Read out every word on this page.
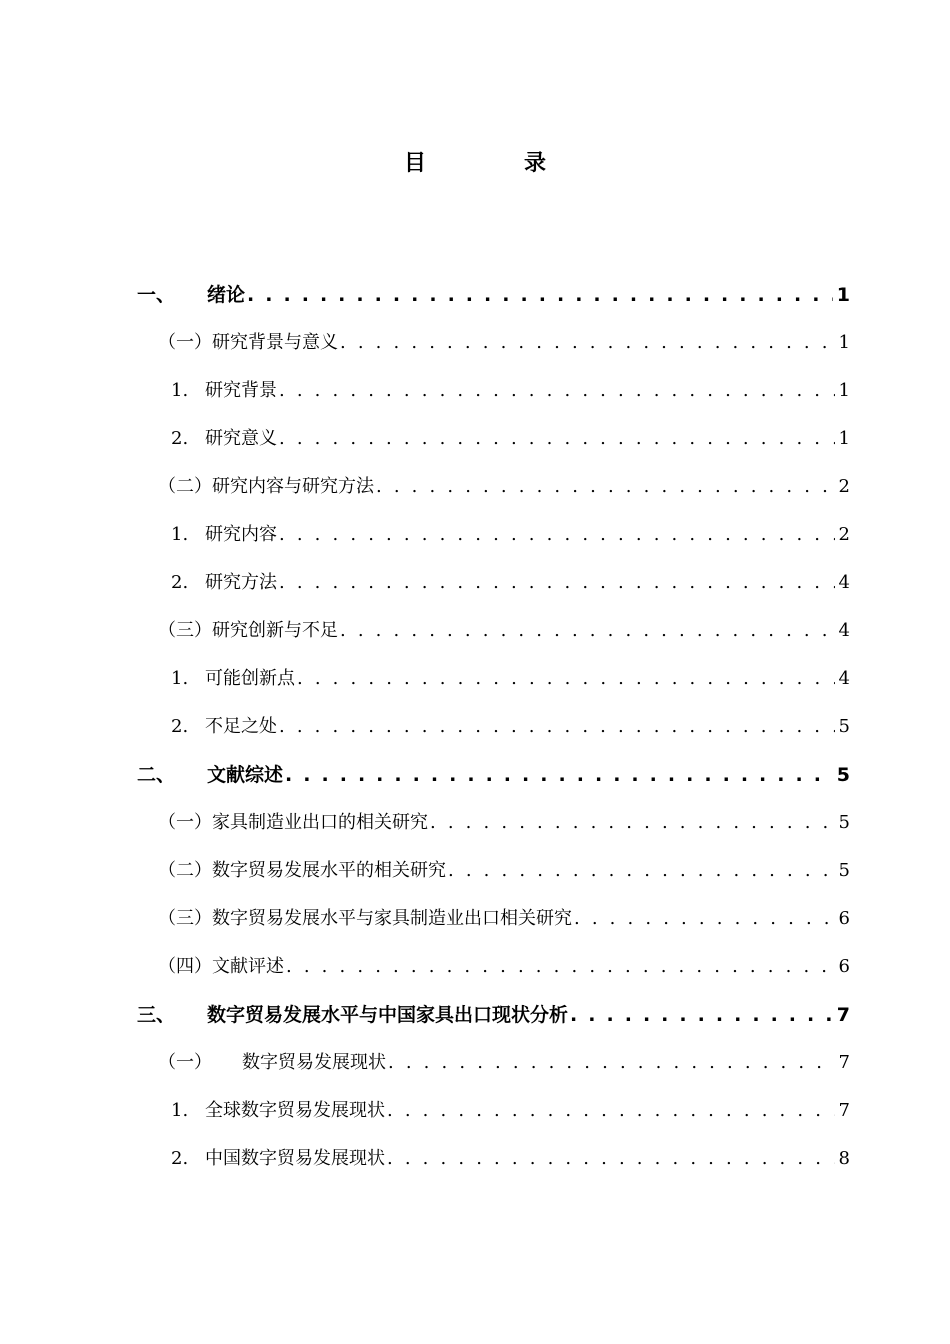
目	录
一、	绪论 . . .	1
（一） 研究背景与意义 . . .	1
1. 研究背景 . . .	1
2. 研究意义 . . .	1
（二） 研究内容与研究方法 . . .	2
1. 研究内容 . . .	2
2. 研究方法 . . .	4
（三） 研究创新与不足 . . .	4
1. 可能创新点 . . .	4
2. 不足之处 . . .	5
二、	文献综述 . . .	5
（一） 家具制造业出口的相关研究 . . .	5
（二） 数字贸易发展水平的相关研究 . . .	5
（三） 数字贸易发展水平与家具制造业出口相关研究 . . .	6
（四） 文献评述 . . .	6
三、	数字贸易发展水平与中国家具出口现状分析 . . .	7
（一）	数字贸易发展现状 . . .	7
1. 全球数字贸易发展现状 . . .	7
2. 中国数字贸易发展现状 . . .	8
